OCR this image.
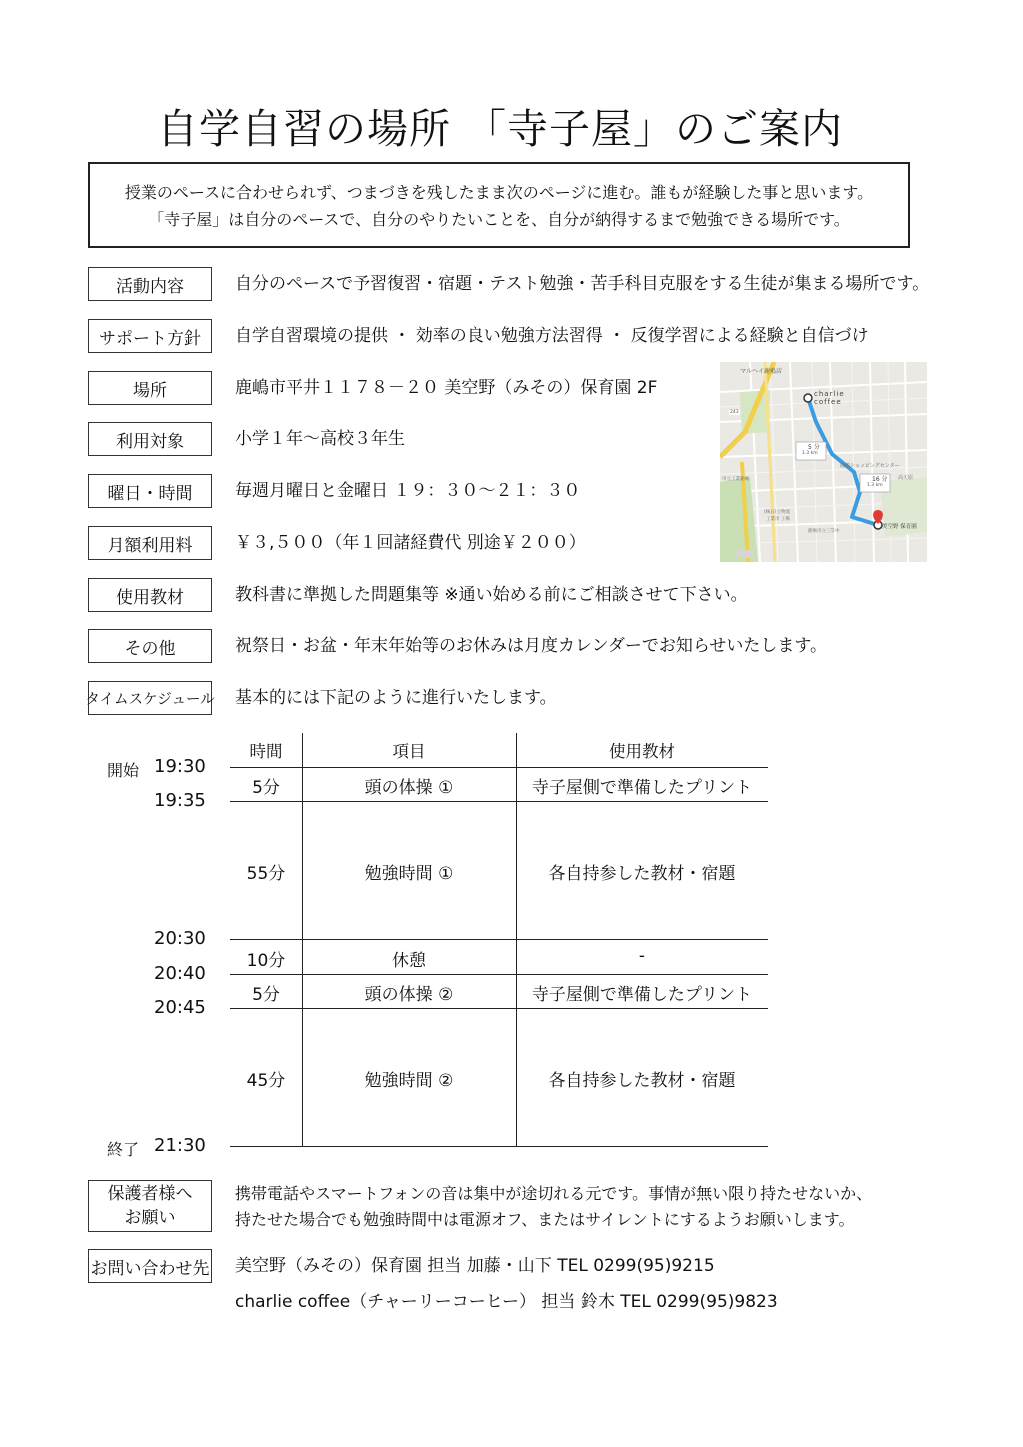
自学自習の場所 「寺子屋」のご案内
授業のペースに合わせられず、つまづきを残したまま次のページに進む。誰もが経験した事と思います。
「寺子屋」は自分のペースで、自分のやりたいことを、自分が納得するまで勉強できる場所です。
活動内容	自分のペースで予習復習・宿題・テスト勉強・苦手科目克服をする生徒が集まる場所です。
サポート方針	自学自習環境の提供 ・ 効率の良い勉強方法習得 ・ 反復学習による経験と自信づけ
場所	鹿嶋市平井１１７８－２０ 美空野（みその）保育園 2F
利用対象	小学１年～高校３年生
曜日・時間	毎週月曜日と金曜日 １９：３０～２１：３０
月額利用料	￥３,５００（年１回諸経費代 別途￥２００）
使用教材	教科書に準拠した問題集等 ※通い始める前にご相談させて下さい。
その他	祝祭日・お盆・年末年始等のお休みは月度カレンダーでお知らせいたします。
タイムスケジュール 基本的には下記のように進行いたします。
マルヘイ鹿嶋店
charlie coffee
5 分
1.3 km
16 分
1.3 km
鹿嶋ショッピングセンター
美空野 保育園
市立工業鹿嶋
(株)日立物流
工業市 工場
鹿嶋市立三笠中
高天原
243
時間	項目	使用教材
5分	頭の体操 ①	寺子屋側で準備したプリント
55分	勉強時間 ①	各自持参した教材・宿題
10分	休憩	-
5分	頭の体操 ②	寺子屋側で準備したプリント
45分	勉強時間 ②	各自持参した教材・宿題
開始 19:30
19:35
20:30
20:40
20:45
終了 21:30
保護者様へ
お願い
携帯電話やスマートフォンの音は集中が途切れる元です。事情が無い限り持たせないか、
持たせた場合でも勉強時間中は電源オフ、またはサイレントにするようお願いします。
お問い合わせ先 美空野（みその）保育園 担当 加藤・山下 TEL 0299(95)9215
charlie coffee（チャーリーコーヒー） 担当 鈴木 TEL 0299(95)9823
